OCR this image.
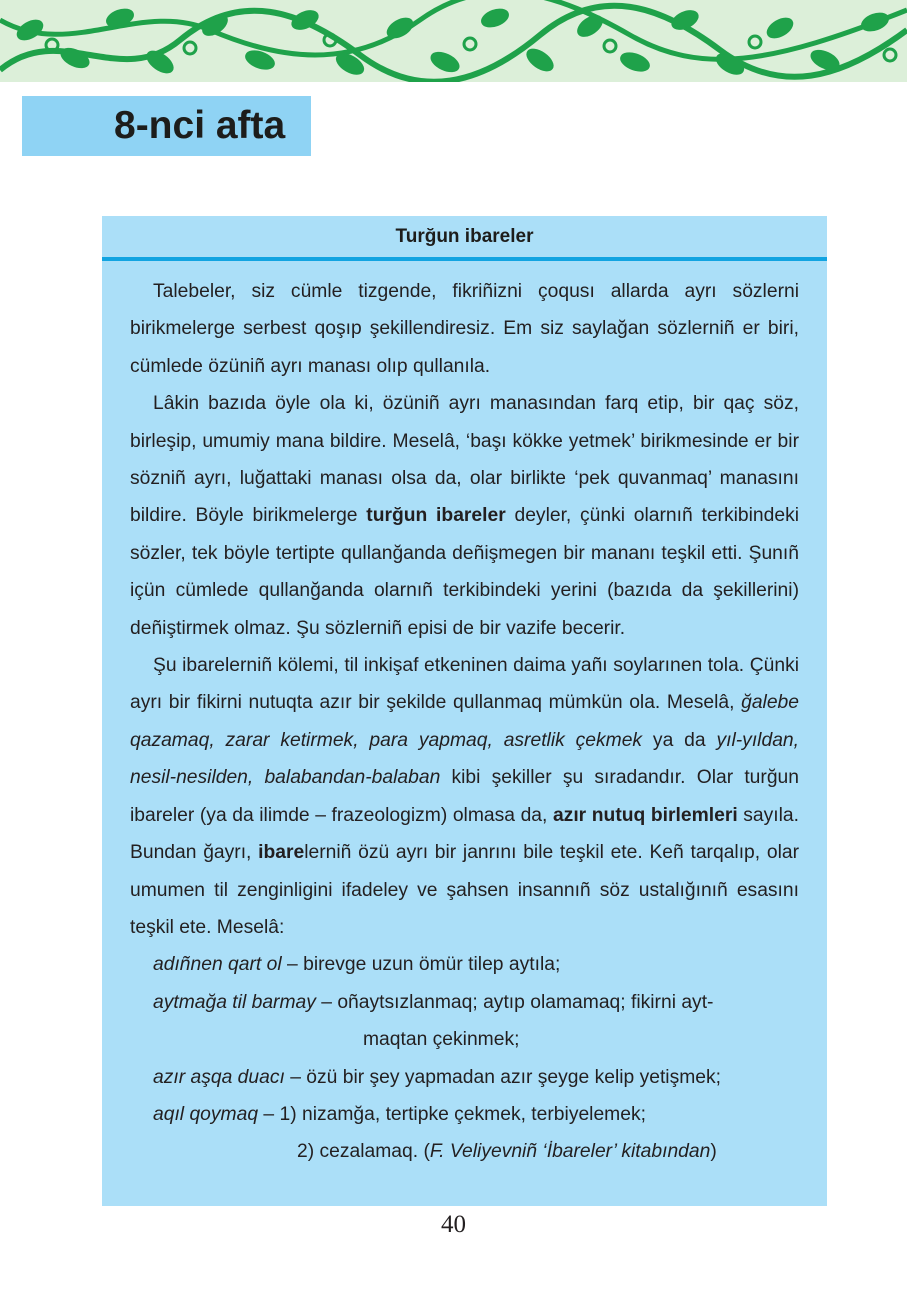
8-nci afta
Turğun ibareler

Talebeler, siz cümle tizgende, fikriñizni çoqusı allarda ayrı sözlerni birikmelerge serbest qoşıp şekillendiresiz. Em siz saylağan sözlerniñ er biri, cümlede özüniñ ayrı manası olıp qullanıla.

Lâkin bazıda öyle ola ki, özüniñ ayrı manasından farq etip, bir qaç söz, birleşip, umumiy mana bildire. Meselâ, ‘başı kökke yetmek’ birikmesinde er bir sözniñ ayrı, luğattaki manası olsa da, olar birlikte ‘pek quvanmaq’ manasını bildire. Böyle birikmelerge turğun ibareler deyler, çünki olarnıñ terkibindeki sözler, tek böyle tertipte qullanğanda deñişmegen bir mananı teşkil etti. Şunıñ içün cümlede qullanğanda olarnıñ terkibindeki yerini (bazıda da şekillerini) deñiştirmek olmaz. Şu sözlerniñ episi de bir vazife becerir.

Şu ibarelerniñ kölemi, til inkişaf etkeninen daima yañı soylarınen tola. Çünki ayrı bir fikirni nutuqta azır bir şekilde qullanmaq mümkün ola. Meselâ, ğalebe qazamaq, zarar ketirmek, para yapmaq, asretlik çekmek ya da yıl-yıldan, nesil-nesilden, balabandan-balaban kibi şekiller şu sıradandır. Olar turğun ibareler (ya da ilimde – frazeologizm) olmasa da, azır nutuq birlemleri sayıla. Bundan ğayrı, ibarelerniñ özü ayrı bir janrını bile teşkil ete. Keñ tarqalıp, olar umumen til zenginligini ifadeley ve şahsen insannıñ söz ustalığınıñ esasını teşkil ete. Meselâ:

adıñnen qart ol – birevge uzun ömür tilep aytıla;
aytmağa til barmay – oñaytsızlanmaq; aytıp olamamaq; fikirni ayt-
maqtan çekinmek;
azır aşqa duacı – özü bir şey yapmadan azır şeyge kelip yetişmek;
aqıl qoymaq – 1) nizamğa, tertipke çekmek, terbiyelemek;
2) cezalamaq. (F. Veliyevniñ ‘İbareler’ kitabından)
40
